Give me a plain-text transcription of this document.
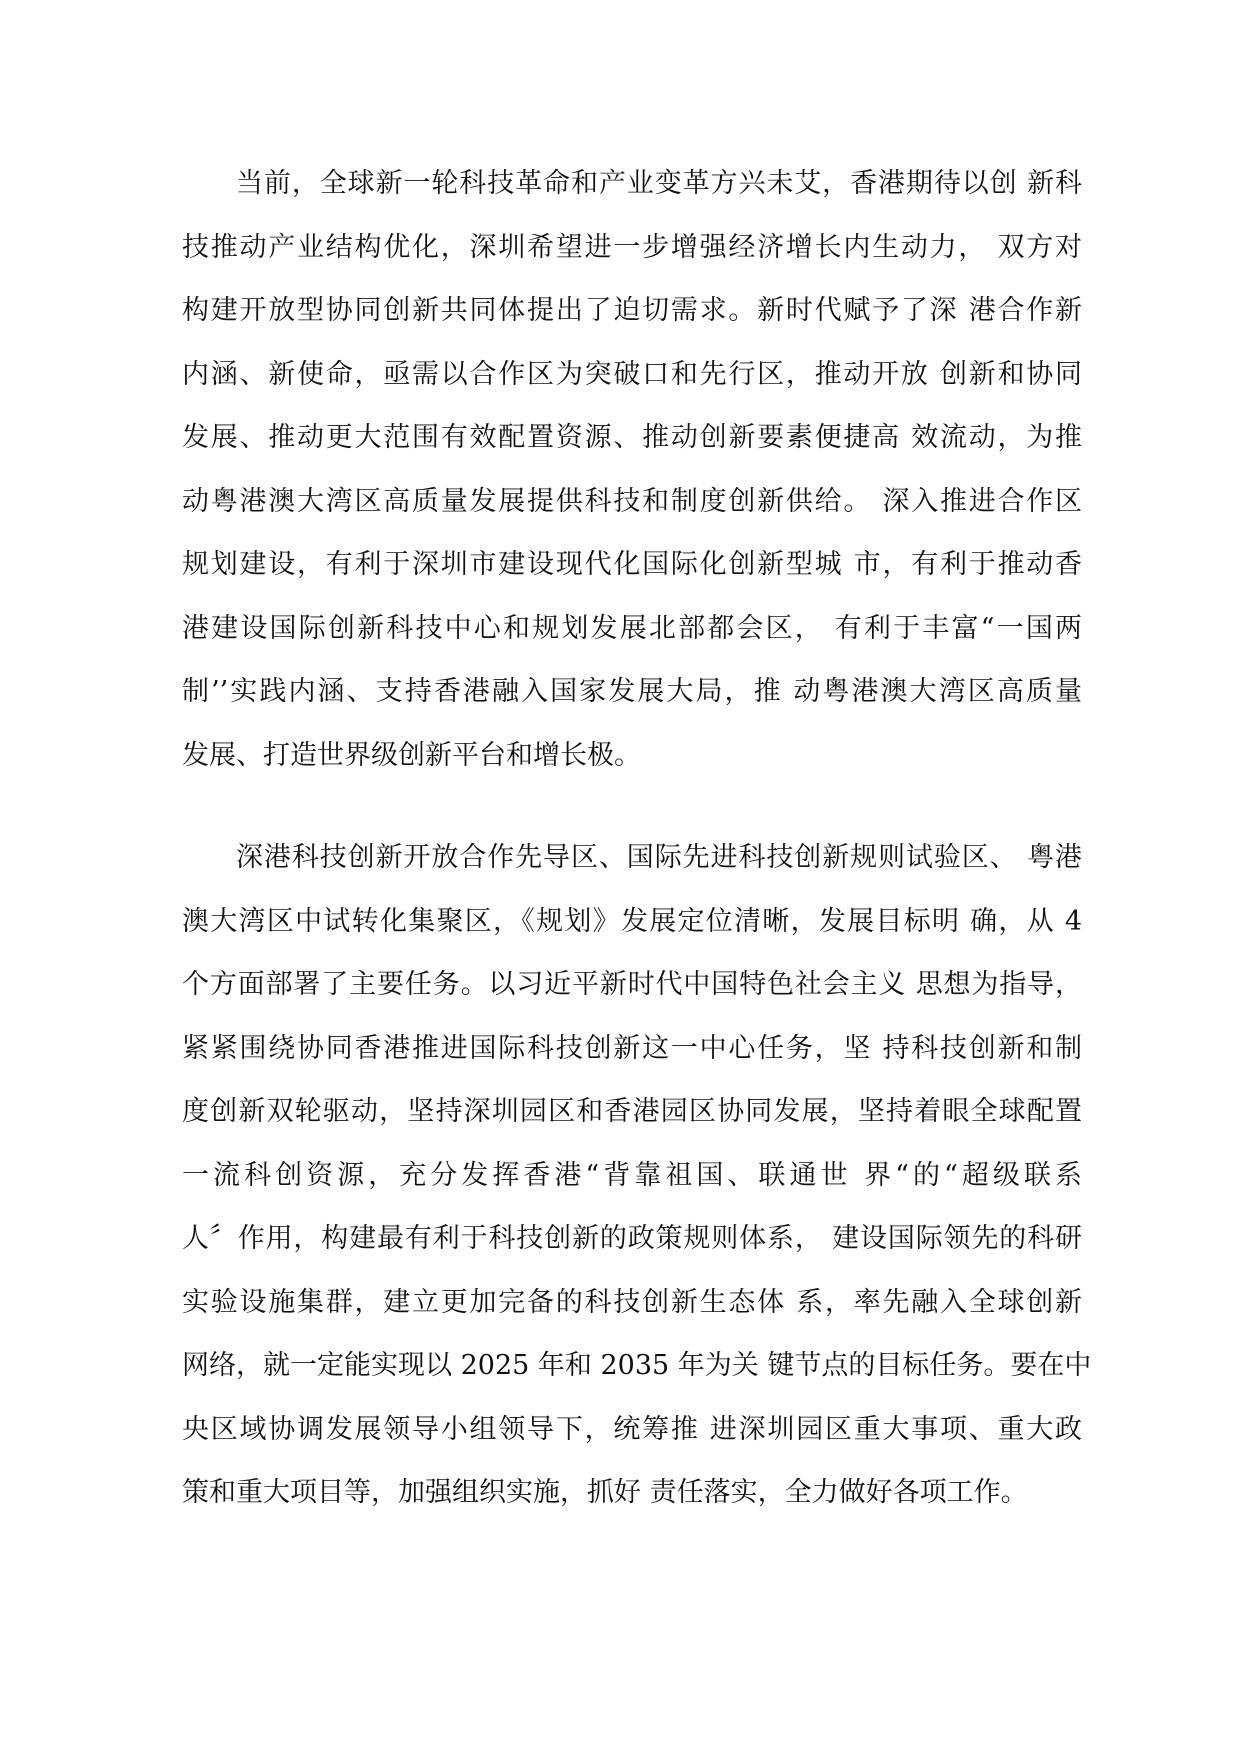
当前，全球新一轮科技革命和产业变革方兴未艾，香港期待以创 新科
技推动产业结构优化，深圳希望进一步增强经济增长内生动力， 双方对
构建开放型协同创新共同体提出了迫切需求。新时代赋予了深 港合作新
内涵、新使命，亟需以合作区为突破口和先行区，推动开放 创新和协同
发展、推动更大范围有效配置资源、推动创新要素便捷高 效流动，为推
动粤港澳大湾区高质量发展提供科技和制度创新供给。 深入推进合作区
规划建设，有利于深圳市建设现代化国际化创新型城 市，有利于推动香
港建设国际创新科技中心和规划发展北部都会区， 有利于丰富“一国两
制’’实践内涵、支持香港融入国家发展大局，推 动粤港澳大湾区高质量
发展、打造世界级创新平台和增长极。
深港科技创新开放合作先导区、国际先进科技创新规则试验区、 粤港
澳大湾区中试转化集聚区，《规划》发展定位清晰，发展目标明 确，从 4
个方面部署了主要任务。以习近平新时代中国特色社会主义 思想为指导，
紧紧围绕协同香港推进国际科技创新这一中心任务，坚 持科技创新和制
度创新双轮驱动，坚持深圳园区和香港园区协同发展，坚持着眼全球配置
一流科创资源，充分发挥香港“背靠祖国、联通世 界“的“超级联系
人〞作用，构建最有利于科技创新的政策规则体系， 建设国际领先的科研
实验设施集群，建立更加完备的科技创新生态体 系，率先融入全球创新
网络，就一定能实现以 2025 年和 2035 年为关 键节点的目标任务。要在中
央区域协调发展领导小组领导下，统筹推 进深圳园区重大事项、重大政
策和重大项目等，加强组织实施，抓好 责任落实，全力做好各项工作。
